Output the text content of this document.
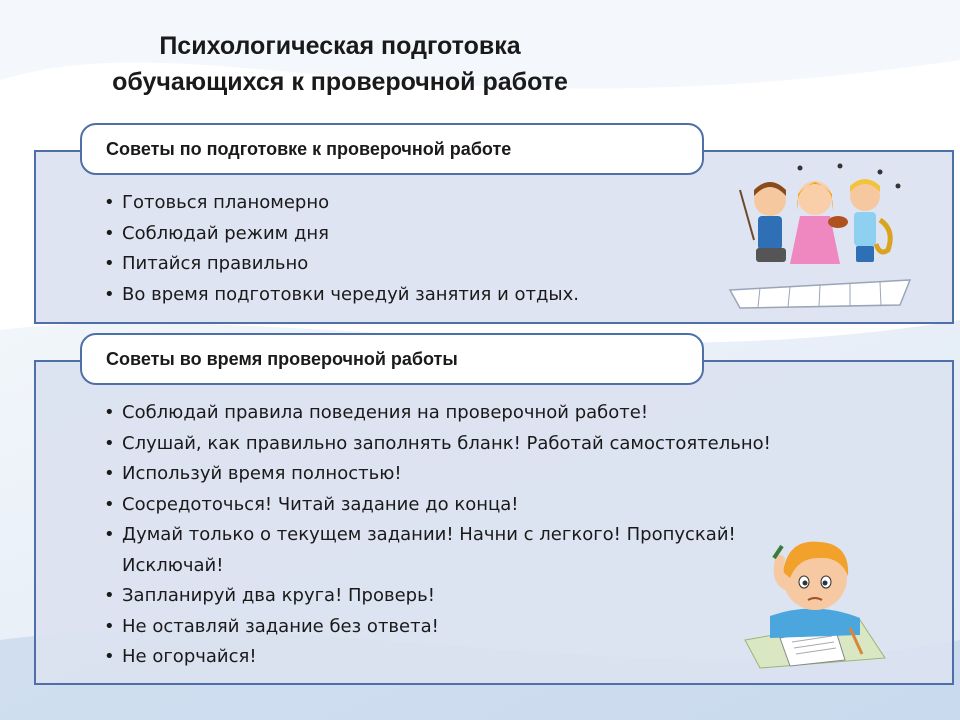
Психологическая подготовка
обучающихся к проверочной работе
Советы по подготовке к проверочной работе
• Готовься планомерно
• Соблюдай режим дня
• Питайся правильно
• Во время подготовки чередуй занятия и отдых.
Советы во время проверочной работы
• Соблюдай правила поведения на проверочной работе!
• Слушай, как правильно заполнять бланк! Работай самостоятельно!
• Используй время полностью!
• Сосредоточься! Читай задание до конца!
• Думай только о текущем задании! Начни с легкого! Пропускай! Исключай!
• Запланируй два круга! Проверь!
• Не оставляй задание без ответа!
• Не огорчайся!
